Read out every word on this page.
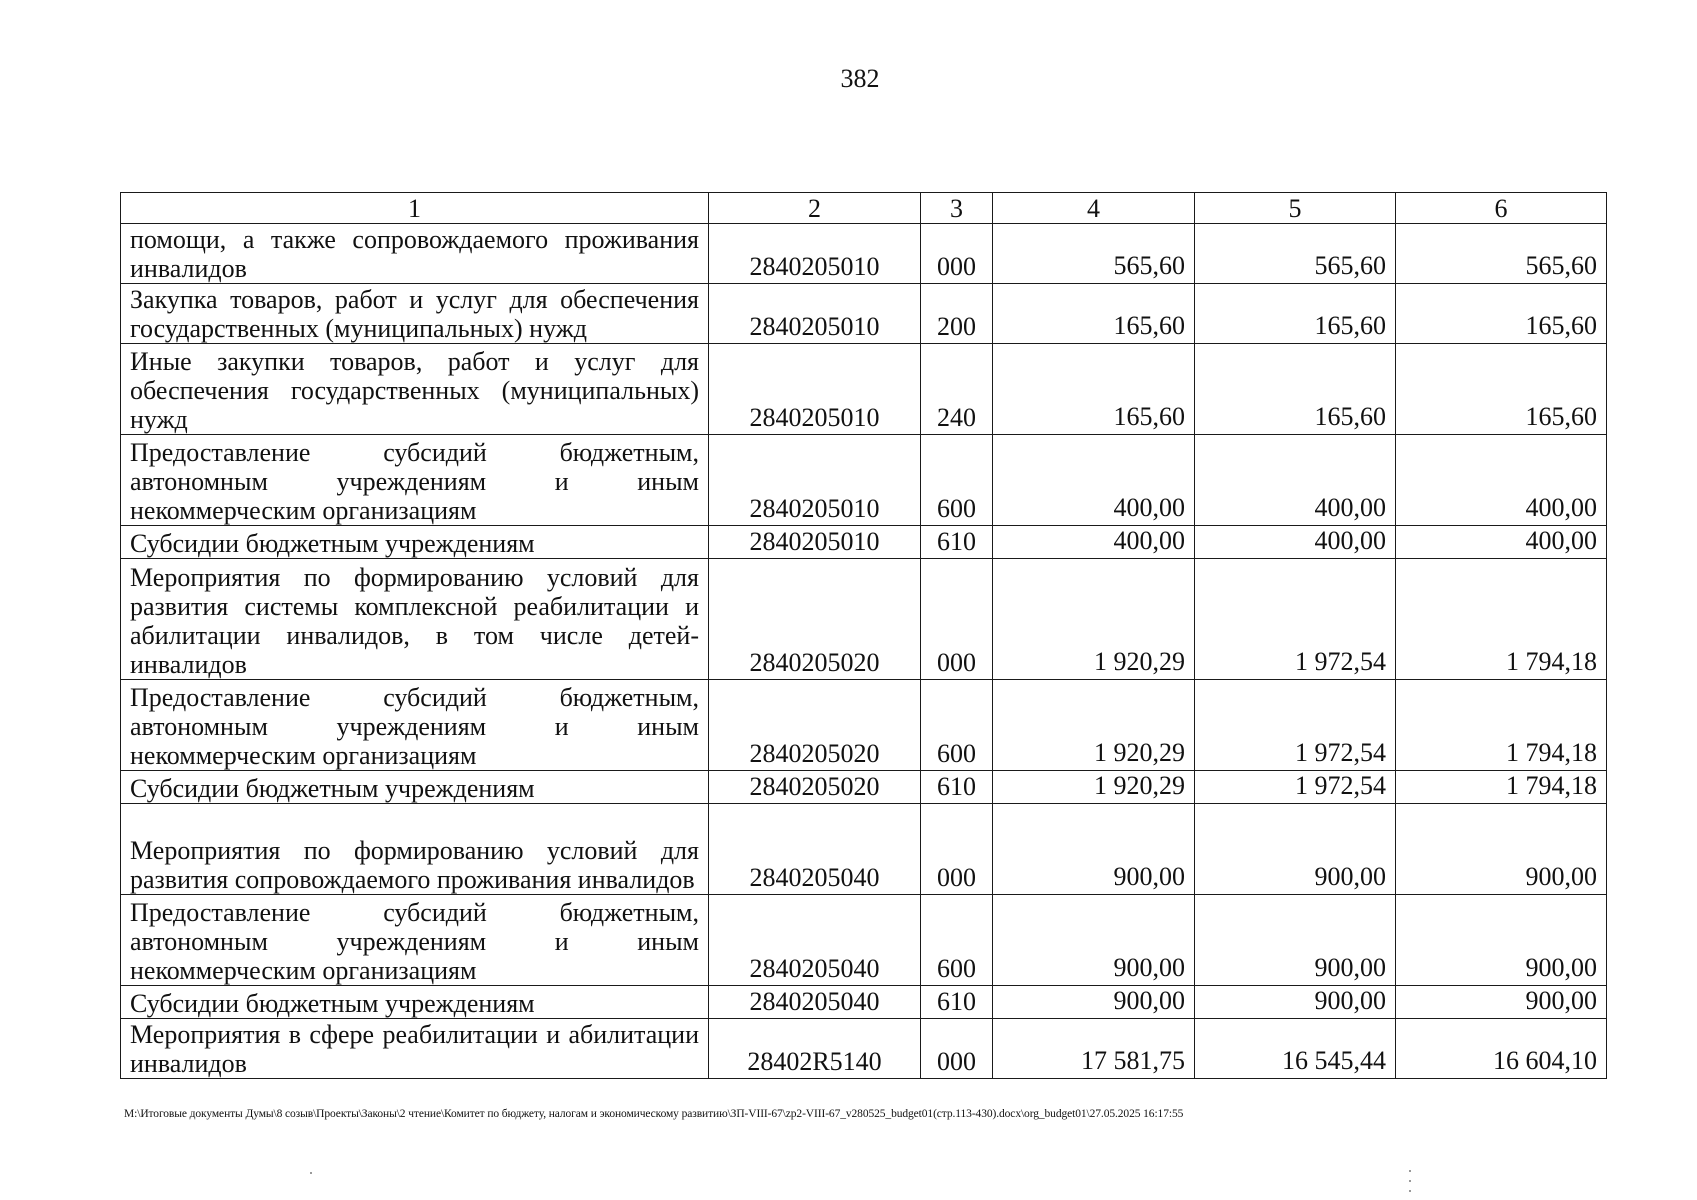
382
1	2	3	4	5	6
помощи, а также сопровождаемого проживания инвалидов	2840205010	000	565,60	565,60	565,60
Закупка товаров, работ и услуг для обеспечения государственных (муниципальных) нужд	2840205010	200	165,60	165,60	165,60
Иные закупки товаров, работ и услуг для обеспечения государственных (муниципальных) нужд	2840205010	240	165,60	165,60	165,60
Предоставление субсидий бюджетным, автономным учреждениям и иным некоммерческим организациям	2840205010	600	400,00	400,00	400,00
Субсидии бюджетным учреждениям	2840205010	610	400,00	400,00	400,00
Мероприятия по формированию условий для развития системы комплексной реабилитации и абилитации инвалидов, в том числе детей-инвалидов	2840205020	000	1 920,29	1 972,54	1 794,18
Предоставление субсидий бюджетным, автономным учреждениям и иным некоммерческим организациям	2840205020	600	1 920,29	1 972,54	1 794,18
Субсидии бюджетным учреждениям	2840205020	610	1 920,29	1 972,54	1 794,18
Мероприятия по формированию условий для развития сопровождаемого проживания инвалидов	2840205040	000	900,00	900,00	900,00
Предоставление субсидий бюджетным, автономным учреждениям и иным некоммерческим организациям	2840205040	600	900,00	900,00	900,00
Субсидии бюджетным учреждениям	2840205040	610	900,00	900,00	900,00
Мероприятия в сфере реабилитации и абилитации инвалидов	28402R5140	000	17 581,75	16 545,44	16 604,10
M:\Итоговые документы Думы\8 созыв\Проекты\Законы\2 чтение\Комитет по бюджету, налогам и экономическому развитию\ЗП-VIII-67\zp2-VIII-67_v280525_budget01(стр.113-430).docx\org_budget01\27.05.2025 16:17:55
